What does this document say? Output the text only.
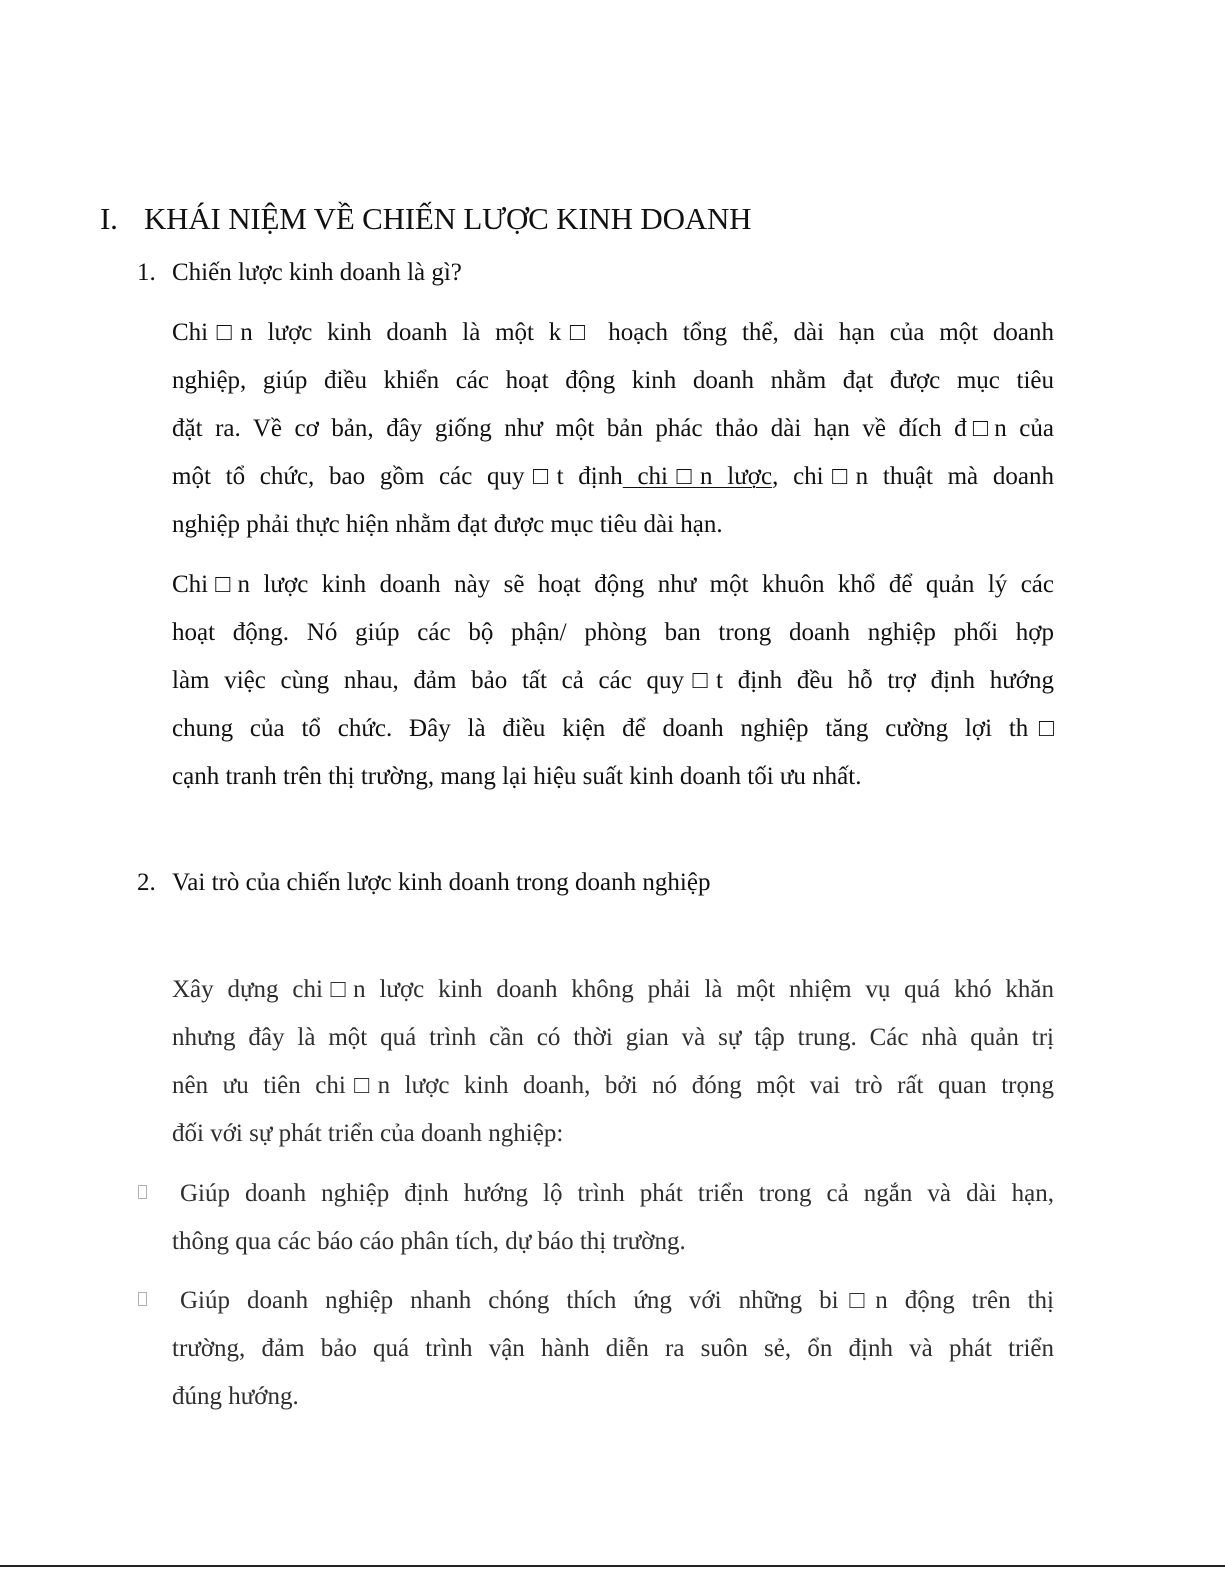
I. KHÁI NIỆM VỀ CHIẾN LƯỢC KINH DOANH
1. Chiến lược kinh doanh là gì?
Chi□n lược kinh doanh là một k□ hoạch tổng thể, dài hạn của một doanh
nghiệp, giúp điều khiển các hoạt động kinh doanh nhằm đạt được mục tiêu
đặt ra. Về cơ bản, đây giống như một bản phác thảo dài hạn về đích đ□n của
một tổ chức, bao gồm các quy□t định chi□n lược, chi□n thuật mà doanh
nghiệp phải thực hiện nhằm đạt được mục tiêu dài hạn.
Chi□n lược kinh doanh này sẽ hoạt động như một khuôn khổ để quản lý các
hoạt động. Nó giúp các bộ phận/ phòng ban trong doanh nghiệp phối hợp
làm việc cùng nhau, đảm bảo tất cả các quy□t định đều hỗ trợ định hướng
chung của tổ chức. Đây là điều kiện để doanh nghiệp tăng cường lợi th□
cạnh tranh trên thị trường, mang lại hiệu suất kinh doanh tối ưu nhất.
2. Vai trò của chiến lược kinh doanh trong doanh nghiệp
Xây dựng chi□n lược kinh doanh không phải là một nhiệm vụ quá khó khăn
nhưng đây là một quá trình cần có thời gian và sự tập trung. Các nhà quản trị
nên ưu tiên chi□n lược kinh doanh, bởi nó đóng một vai trò rất quan trọng
đối với sự phát triển của doanh nghiệp:
Giúp doanh nghiệp định hướng lộ trình phát triển trong cả ngắn và dài hạn,
thông qua các báo cáo phân tích, dự báo thị trường.
Giúp doanh nghiệp nhanh chóng thích ứng với những bi□n động trên thị
trường, đảm bảo quá trình vận hành diễn ra suôn sẻ, ổn định và phát triển
đúng hướng.
